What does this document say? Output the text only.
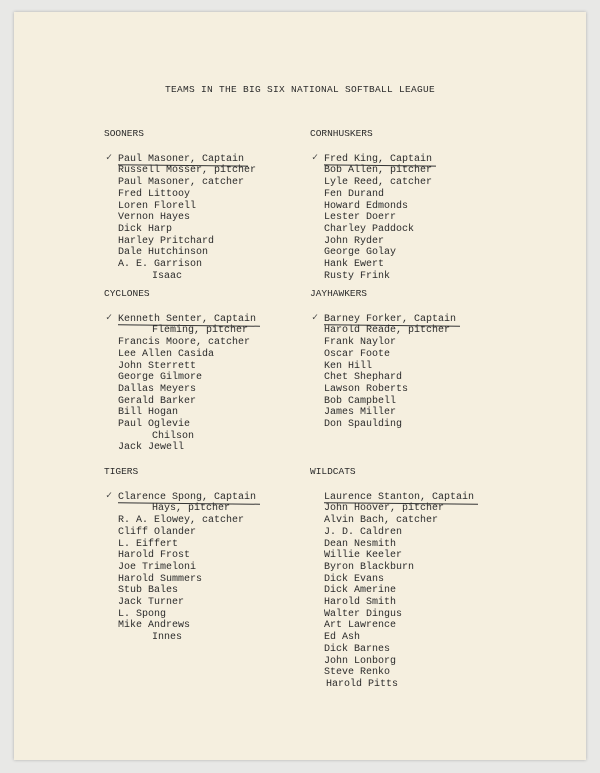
TEAMS IN THE BIG SIX NATIONAL SOFTBALL LEAGUE
SOONERS
✓ Paul Masoner, Captain
Russell Mosser, pitcher
Paul Masoner, catcher
Fred Littooy
Loren Florell
Vernon Hayes
Dick Harp
Harley Pritchard
Dale Hutchinson
A. E. Garrison
Isaac
CORNHUSKERS
✓ Fred King, Captain
Bob Allen, pitcher
Lyle Reed, catcher
Fen Durand
Howard Edmonds
Lester Doerr
Charley Paddock
John Ryder
George Golay
Hank Ewert
Rusty Frink
CYCLONES
✓ Kenneth Senter, Captain
Fleming, pitcher
Francis Moore, catcher
Lee Allen Casida
John Sterrett
George Gilmore
Dallas Meyers
Gerald Barker
Bill Hogan
Paul Oglevie
Chilson
Jack Jewell
JAYHAWKERS
✓ Barney Forker, Captain
Harold Reade, pitcher
Frank Naylor
Oscar Foote
Ken Hill
Chet Shephard
Lawson Roberts
Bob Campbell
James Miller
Don Spaulding
TIGERS
✓ Clarence Spong, Captain
Hays, pitcher
R. A. Elowey, catcher
Cliff Olander
L. Eiffert
Harold Frost
Joe Trimeloni
Harold Summers
Stub Bales
Jack Turner
L. Spong
Mike Andrews
Innes
WILDCATS
Laurence Stanton, Captain
John Hoover, pitcher
Alvin Bach, catcher
J. D. Caldren
Dean Nesmith
Willie Keeler
Byron Blackburn
Dick Evans
Dick Amerine
Harold Smith
Walter Dingus
Art Lawrence
Ed Ash
Dick Barnes
John Lonborg
Steve Renko
Harold Pitts
